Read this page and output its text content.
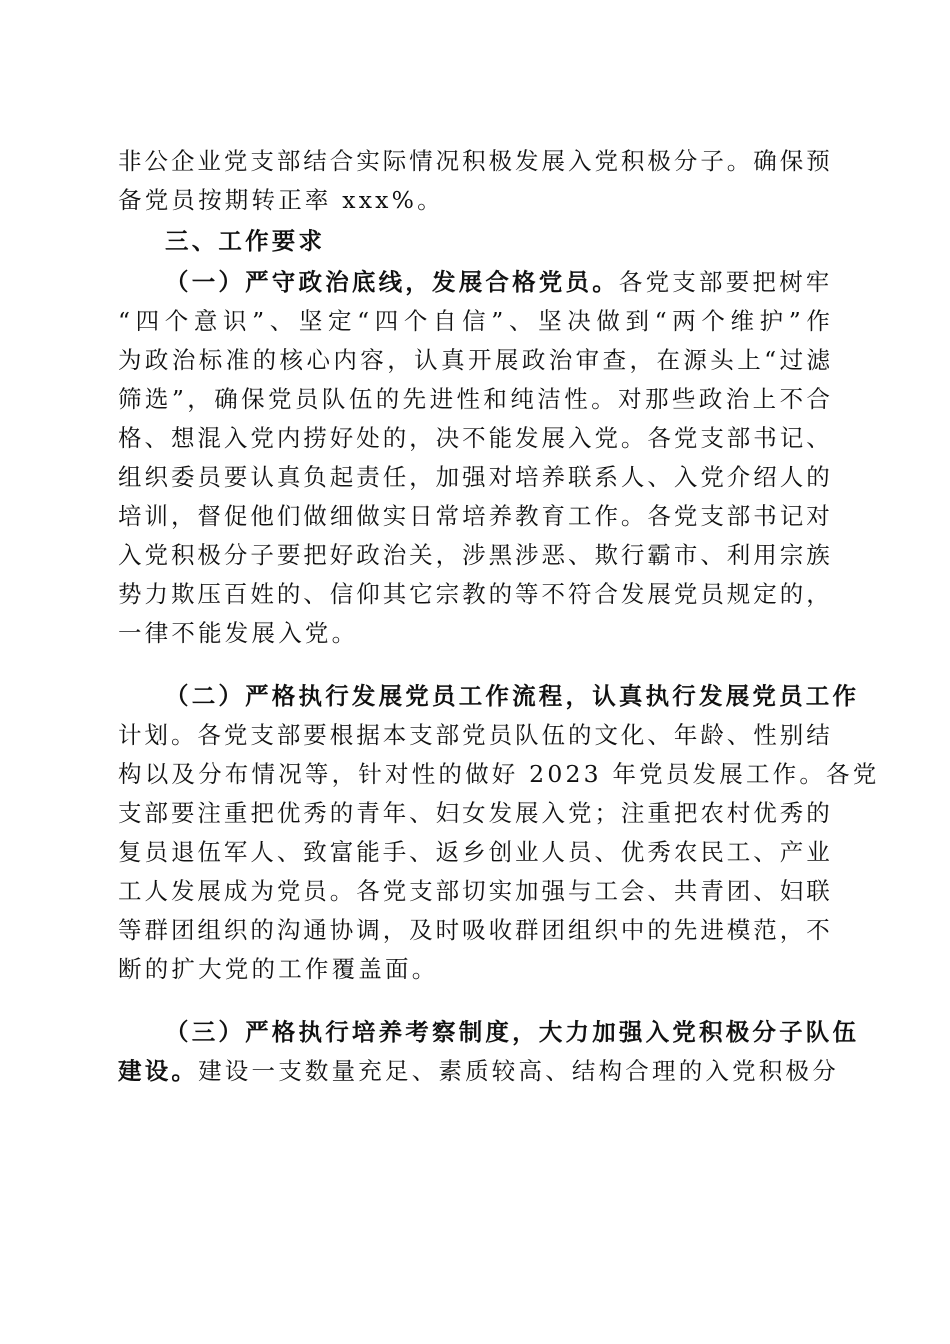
非 公 企 业 党 支 部 结 合 实 际 情 况 积 极 发 展 入 党 积 极 分 子 。 确 保 预
备党员按期转正率 xxx%。
三、工作要求
（一）严守政治底线，发展合格党员。各党支部要把树牢
“ 四 个 意 识 ” 、 坚 定 “ 四 个 自 信 ” 、 坚 决 做 到 “ 两 个 维 护 ” 作
为 政 治 标 准 的 核 心 内 容 ， 认 真 开 展 政 治 审 查 ， 在 源 头 上 “ 过 滤
筛 选 ” ， 确 保 党 员 队 伍 的 先 进 性 和 纯 洁 性 。 对 那 些 政 治 上 不 合
格 、 想 混 入 党 内 捞 好 处 的 ， 决 不 能 发 展 入 党 。 各 党 支 部 书 记 、
组 织 委 员 要 认 真 负 起 责 任 ， 加 强 对 培 养 联 系 人 、 入 党 介 绍 人 的
培 训 ， 督 促 他 们 做 细 做 实 日 常 培 养 教 育 工 作 。 各 党 支 部 书 记 对
入 党 积 极 分 子 要 把 好 政 治 关 ， 涉 黑 涉 恶 、 欺 行 霸 市 、 利 用 宗 族
势 力 欺 压 百 姓 的 、 信 仰 其 它 宗 教 的 等 不 符 合 发 展 党 员 规 定 的 ，
一律不能发展入党。
（二）严格执行发展党员工作流程，认真执行发展党员工作
计 划 。 各 党 支 部 要 根 据 本 支 部 党 员 队 伍 的 文 化 、 年 龄 、 性 别 结
构以及分布情况等，针对性的做好 2023 年党员发展工作。各党
支 部 要 注 重 把 优 秀 的 青 年 、 妇 女 发 展 入 党 ； 注 重 把 农 村 优 秀 的
复 员 退 伍 军 人 、 致 富 能 手 、 返 乡 创 业 人 员 、 优 秀 农 民 工 、 产 业
工 人 发 展 成 为 党 员 。 各 党 支 部 切 实 加 强 与 工 会 、 共 青 团 、 妇 联
等 群 团 组 织 的 沟 通 协 调 ， 及 时 吸 收 群 团 组 织 中 的 先 进 模 范 ， 不
断的扩大党的工作覆盖面。
（三）严格执行培养考察制度，大力加强入党积极分子队伍
建设。建设一支数量充足、素质较高、结构合理的入党积极分
